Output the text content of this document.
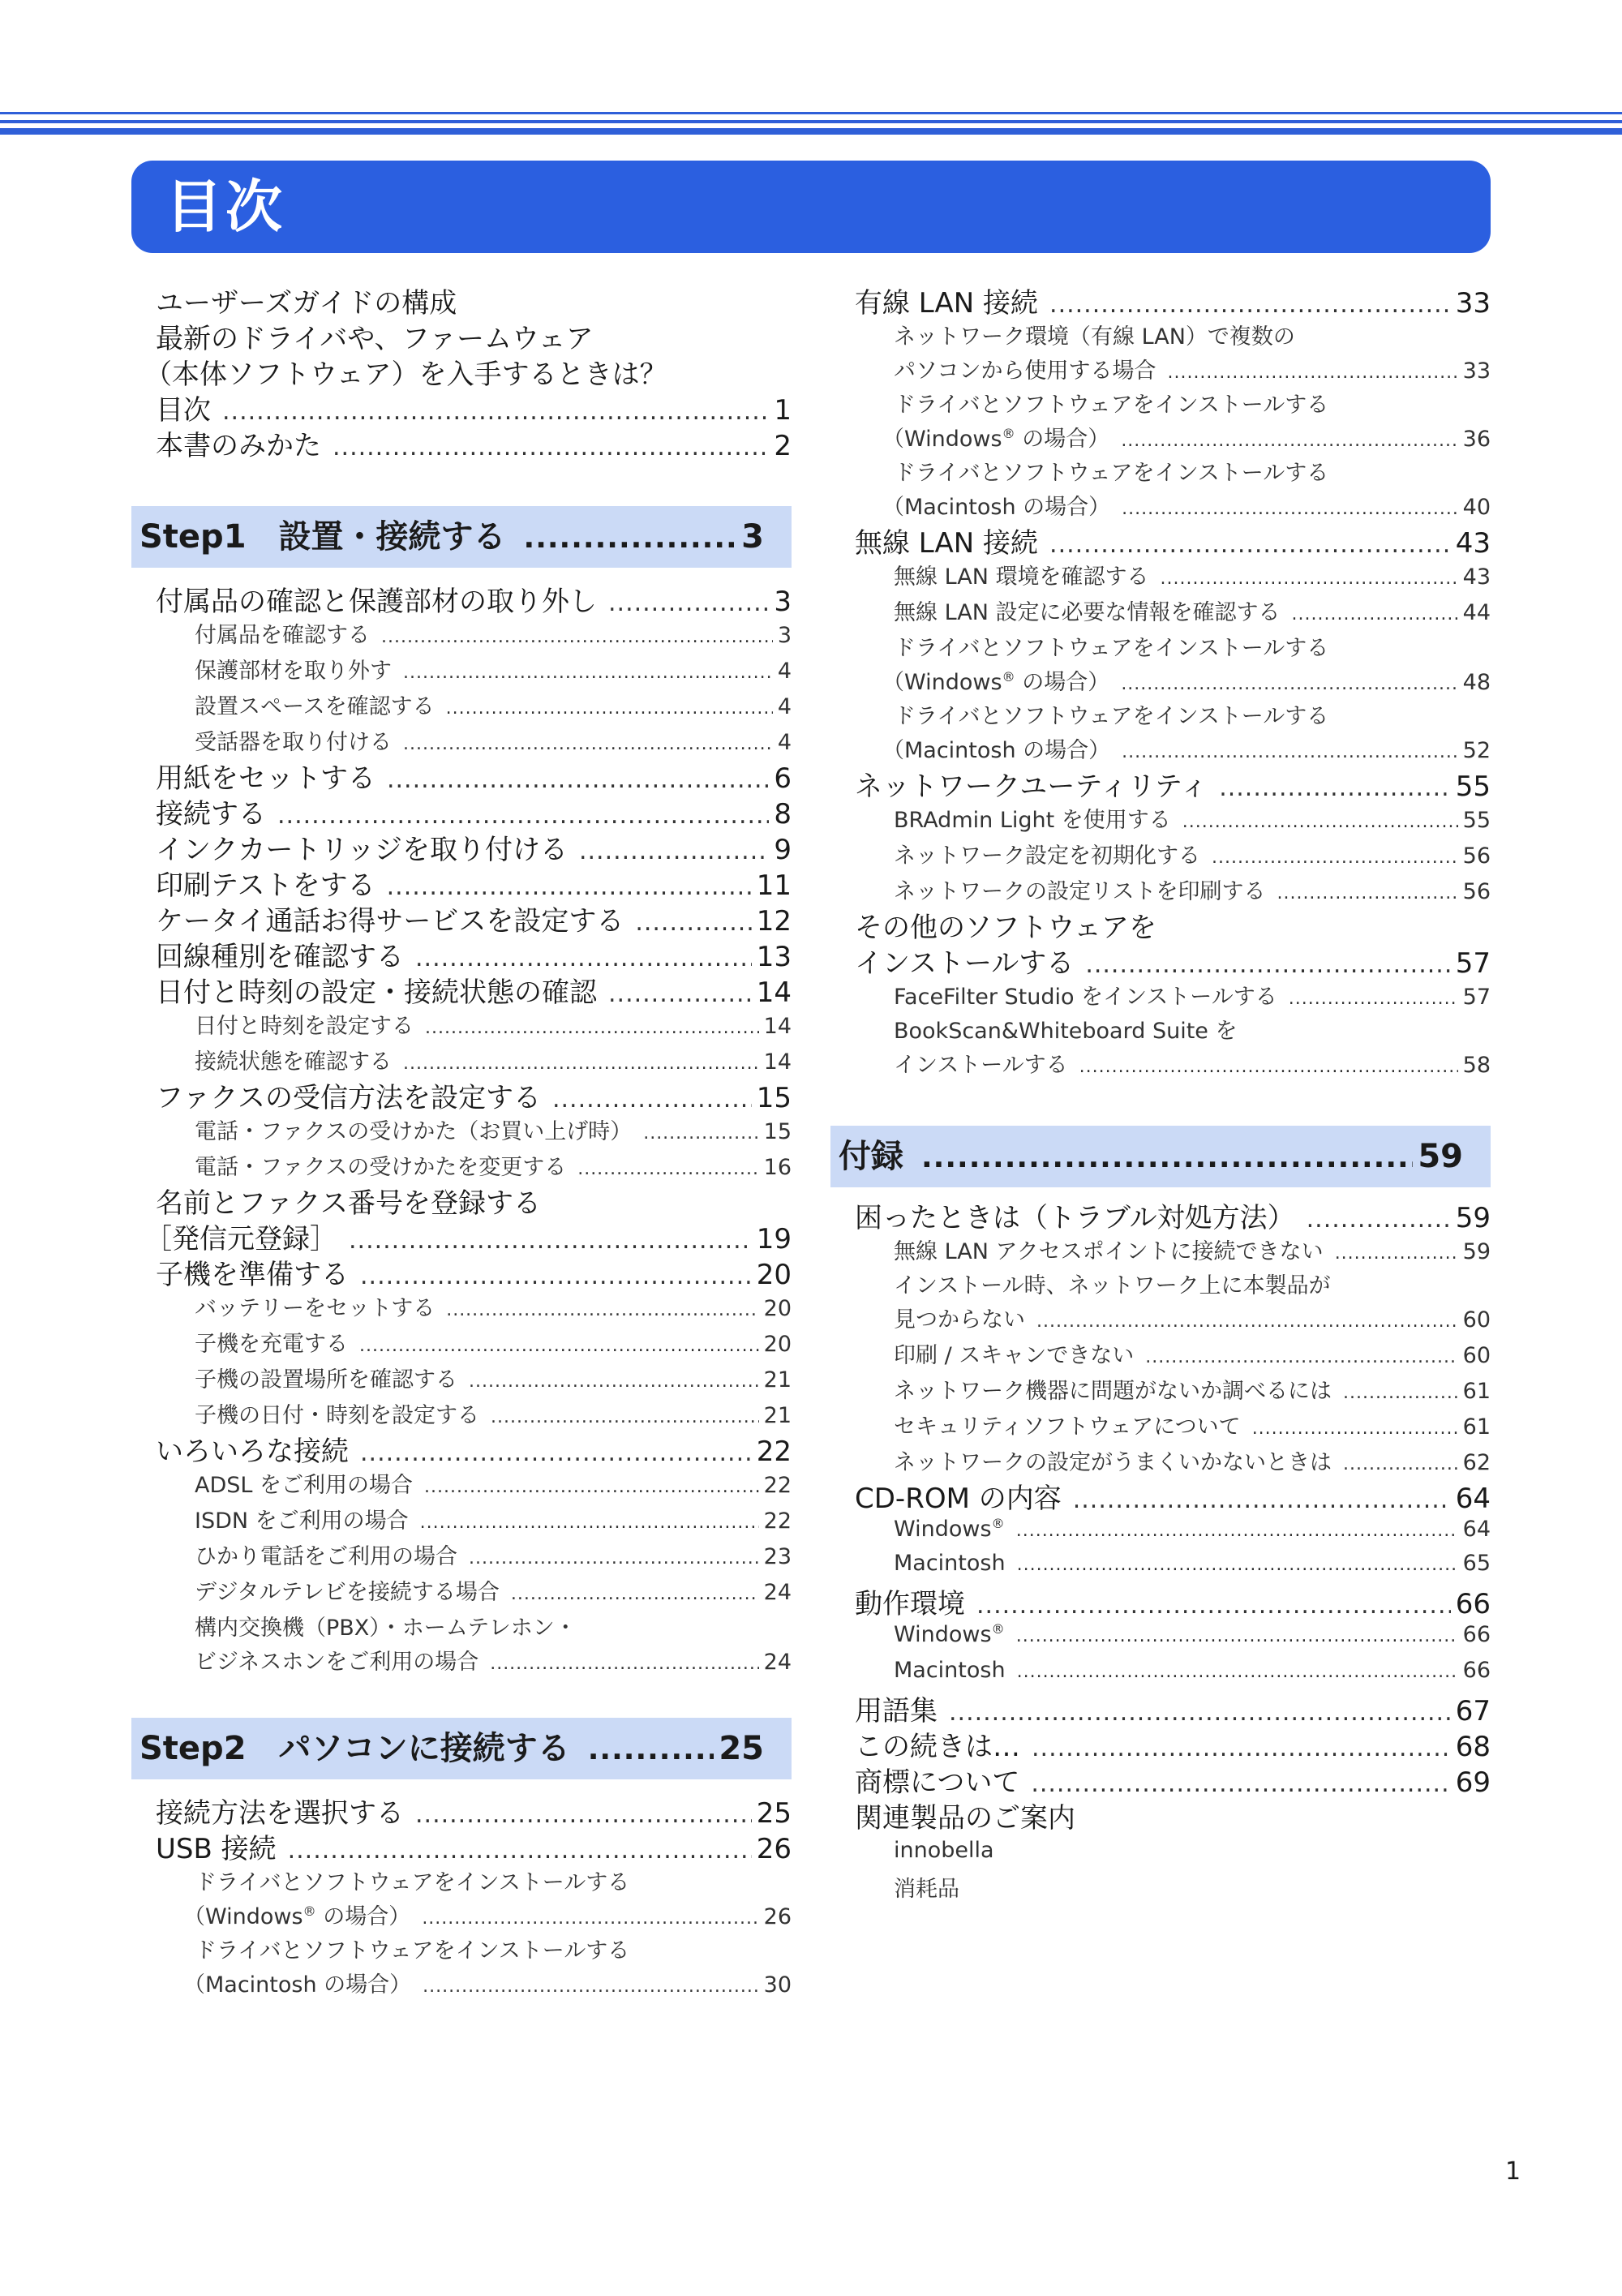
目次
ユーザーズガイドの構成
最新のドライバや、ファームウェア
（本体ソフトウェア）を入手するときは？
目次 .....	1
本書のみかた .....	2
Step1　設置・接続する .....	3
付属品の確認と保護部材の取り外し .....	3
付属品を確認する .....	3
保護部材を取り外す .....	4
設置スペースを確認する .....	4
受話器を取り付ける .....	4
用紙をセットする .....	6
接続する .....	8
インクカートリッジを取り付ける .....	9
印刷テストをする .....	11
ケータイ通話お得サービスを設定する .....	12
回線種別を確認する .....	13
日付と時刻の設定・接続状態の確認 .....	14
日付と時刻を設定する .....	14
接続状態を確認する .....	14
ファクスの受信方法を設定する .....	15
電話・ファクスの受けかた（お買い上げ時） .....	15
電話・ファクスの受けかたを変更する .....	16
名前とファクス番号を登録する
［発信元登録］ .....	19
子機を準備する .....	20
バッテリーをセットする .....	20
子機を充電する .....	20
子機の設置場所を確認する .....	21
子機の日付・時刻を設定する .....	21
いろいろな接続 .....	22
ADSL をご利用の場合 .....	22
ISDN をご利用の場合 .....	22
ひかり電話をご利用の場合 .....	23
デジタルテレビを接続する場合 .....	24
構内交換機（PBX）・ホームテレホン・
ビジネスホンをご利用の場合 .....	24
Step2　パソコンに接続する .....	25
接続方法を選択する .....	25
USB 接続 .....	26
ドライバとソフトウェアをインストールする
（Windows® の場合） .....	26
ドライバとソフトウェアをインストールする
（Macintosh の場合） .....	30
有線 LAN 接続 .....	33
ネットワーク環境（有線 LAN）で複数の
パソコンから使用する場合 .....	33
ドライバとソフトウェアをインストールする
（Windows® の場合） .....	36
ドライバとソフトウェアをインストールする
（Macintosh の場合） .....	40
無線 LAN 接続 .....	43
無線 LAN 環境を確認する .....	43
無線 LAN 設定に必要な情報を確認する .....	44
ドライバとソフトウェアをインストールする
（Windows® の場合） .....	48
ドライバとソフトウェアをインストールする
（Macintosh の場合） .....	52
ネットワークユーティリティ .....	55
BRAdmin Light を使用する .....	55
ネットワーク設定を初期化する .....	56
ネットワークの設定リストを印刷する .....	56
その他のソフトウェアを
インストールする .....	57
FaceFilter Studio をインストールする .....	57
BookScan&Whiteboard Suite を
インストールする .....	58
付録 .....	59
困ったときは（トラブル対処方法） .....	59
無線 LAN アクセスポイントに接続できない .....	59
インストール時、ネットワーク上に本製品が
見つからない .....	60
印刷 / スキャンできない .....	60
ネットワーク機器に問題がないか調べるには .....	61
セキュリティソフトウェアについて .....	61
ネットワークの設定がうまくいかないときは .....	62
CD-ROM の内容 .....	64
Windows® .....	64
Macintosh .....	65
動作環境 .....	66
Windows® .....	66
Macintosh .....	66
用語集 .....	67
この続きは… .....	68
商標について .....	69
関連製品のご案内
innobella
消耗品
1
